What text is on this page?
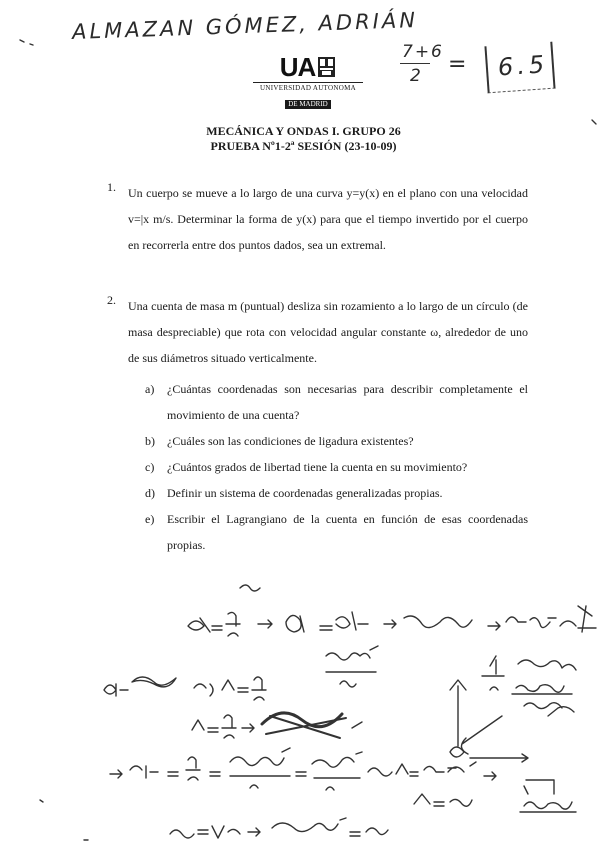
ALMAZAN GÓMEZ, ADRIÁN
7+6
2 = 6.5
UA
UNIVERSIDAD AUTONOMA
DE MADRID
MECÁNICA Y ONDAS I. GRUPO 26
PRUEBA Nº1-2ª SESIÓN (23-10-09)
1. Un cuerpo se mueve a lo largo de una curva y=y(x) en el plano con una velocidad v=|x m/s. Determinar la forma de y(x) para que el tiempo invertido por el cuerpo en recorrerla entre dos puntos dados, sea un extremal.
2. Una cuenta de masa m (puntual) desliza sin rozamiento a lo largo de un círculo (de masa despreciable) que rota con velocidad angular constante ω, alrededor de uno de sus diámetros situado verticalmente.
a) ¿Cuántas coordenadas son necesarias para describir completamente el movimiento de una cuenta?
b) ¿Cuáles son las condiciones de ligadura existentes?
c) ¿Cuántos grados de libertad tiene la cuenta en su movimiento?
d) Definir un sistema de coordenadas generalizadas propias.
e) Escribir el Lagrangiano de la cuenta en función de esas coordenadas propias.
